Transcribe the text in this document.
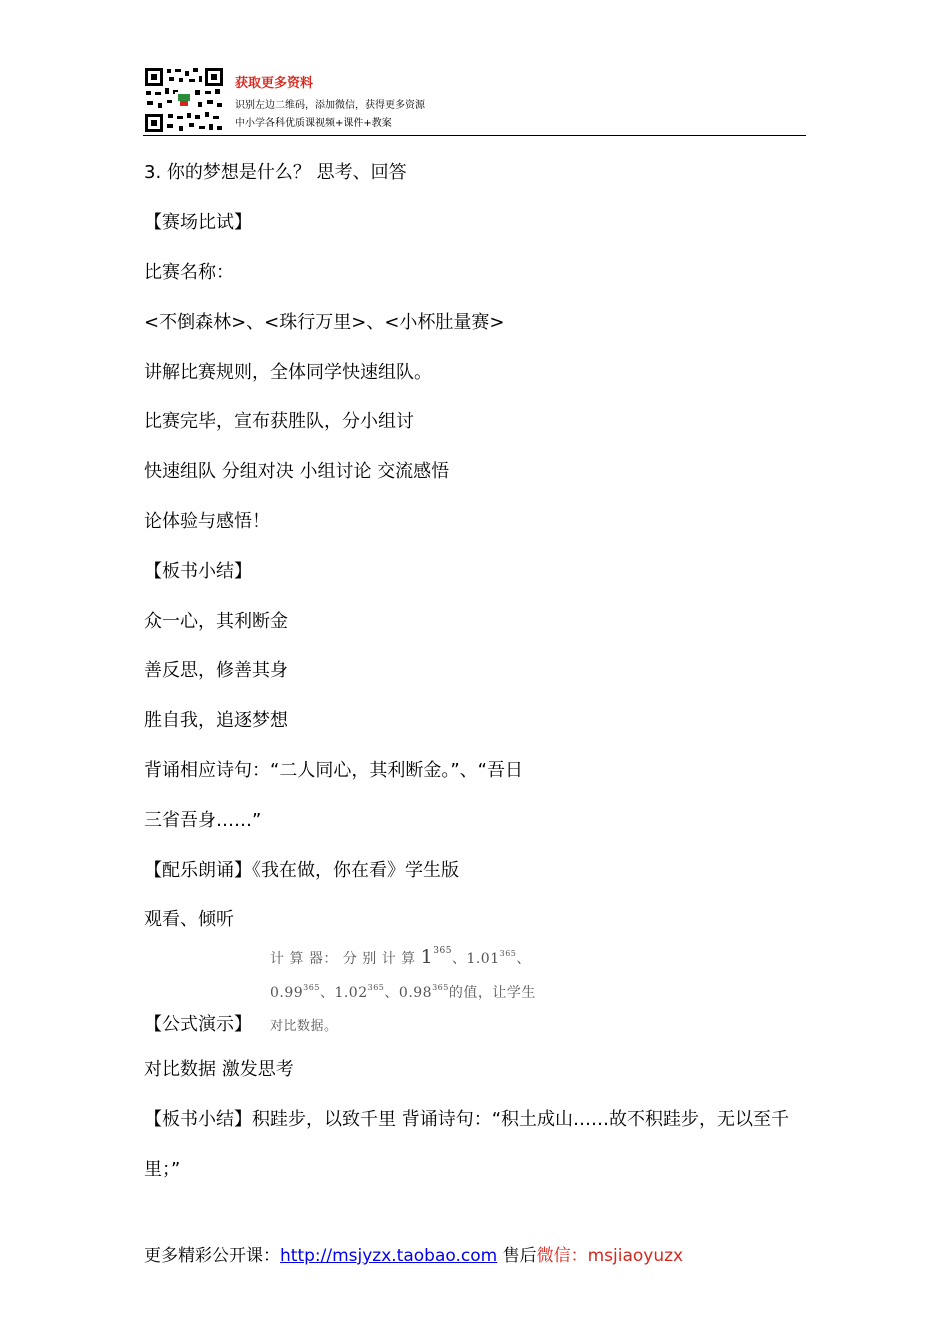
获取更多资料
识别左边二维码，添加微信，获得更多资源
中小学各科优质课视频+课件+教案
3. 你的梦想是什么？ 思考、回答
【赛场比试】
比赛名称：
<不倒森林>、<珠行万里>、<小杯肚量赛>
讲解比赛规则，全体同学快速组队。
比赛完毕，宣布获胜队，分小组讨
快速组队 分组对决 小组讨论 交流感悟
论体验与感悟！
【板书小结】
众一心，其利断金
善反思，修善其身
胜自我，追逐梦想
背诵相应诗句：“二人同心，其利断金。”、“吾日
三省吾身……”
【配乐朗诵】《我在做，你在看》学生版
观看、倾听
计 算 器： 分 别 计 算 $1^{365}$、1.01$^{365}$、
0.99$^{365}$、1.02$^{365}$、0.98$^{365}$的值，让学生
对比数据。
【公式演示】
对比数据 激发思考
【板书小结】积跬步，以致千里 背诵诗句：“积土成山……故不积跬步，无以至千
里；”
更多精彩公开课：http://msjyzx.taobao.com 售后微信：msjiaoyuzx
